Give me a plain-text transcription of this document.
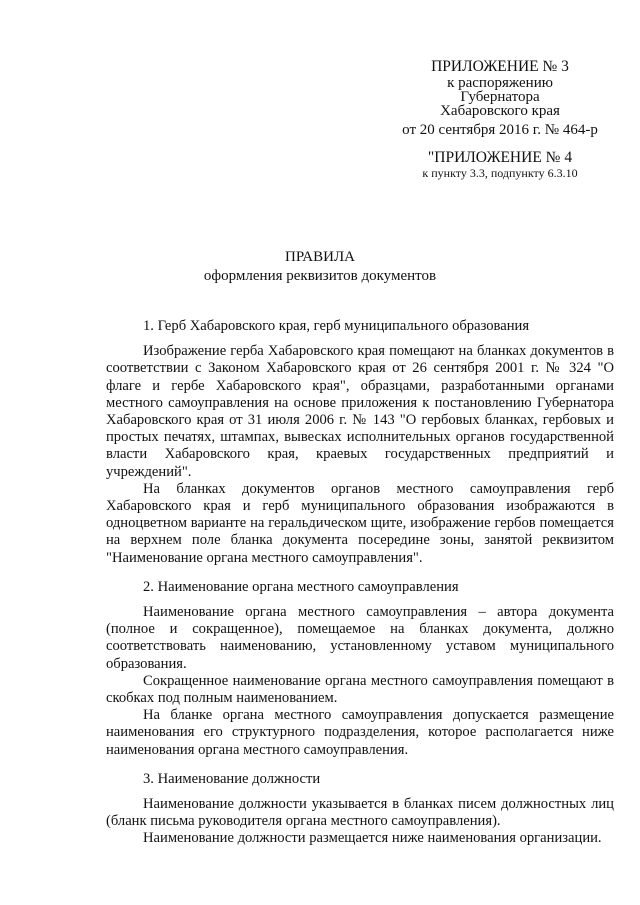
ПРИЛОЖЕНИЕ № 3
к распоряжению
Губернатора
Хабаровского края
от 20 сентября 2016 г. № 464-р
"ПРИЛОЖЕНИЕ № 4
к пункту 3.3, подпункту 6.3.10
ПРАВИЛА
оформления реквизитов документов
1. Герб Хабаровского края, герб муниципального образования

Изображение герба Хабаровского края помещают на бланках документов в соответствии с Законом Хабаровского края от 26 сентября 2001 г. № 324 "О флаге и гербе Хабаровского края", образцами, разработанными органами местного самоуправления на основе приложения к постановлению Губернатора Хабаровского края от 31 июля 2006 г. № 143 "О гербовых бланках, гербовых и простых печатях, штампах, вывесках исполнительных органов государственной власти Хабаровского края, краевых государственных предприятий и учреждений".

На бланках документов органов местного самоуправления герб Хабаровского края и герб муниципального образования изображаются в одноцветном варианте на геральдическом щите, изображение гербов помещается на верхнем поле бланка документа посередине зоны, занятой реквизитом "Наименование органа местного самоуправления".

2. Наименование органа местного самоуправления

Наименование органа местного самоуправления – автора документа (полное и сокращенное), помещаемое на бланках документа, должно соответствовать наименованию, установленному уставом муниципального образования.

Сокращенное наименование органа местного самоуправления помещают в скобках под полным наименованием.

На бланке органа местного самоуправления допускается размещение наименования его структурного подразделения, которое располагается ниже наименования органа местного самоуправления.

3. Наименование должности

Наименование должности указывается в бланках писем должностных лиц (бланк письма руководителя органа местного самоуправления).

Наименование должности размещается ниже наименования организации.
